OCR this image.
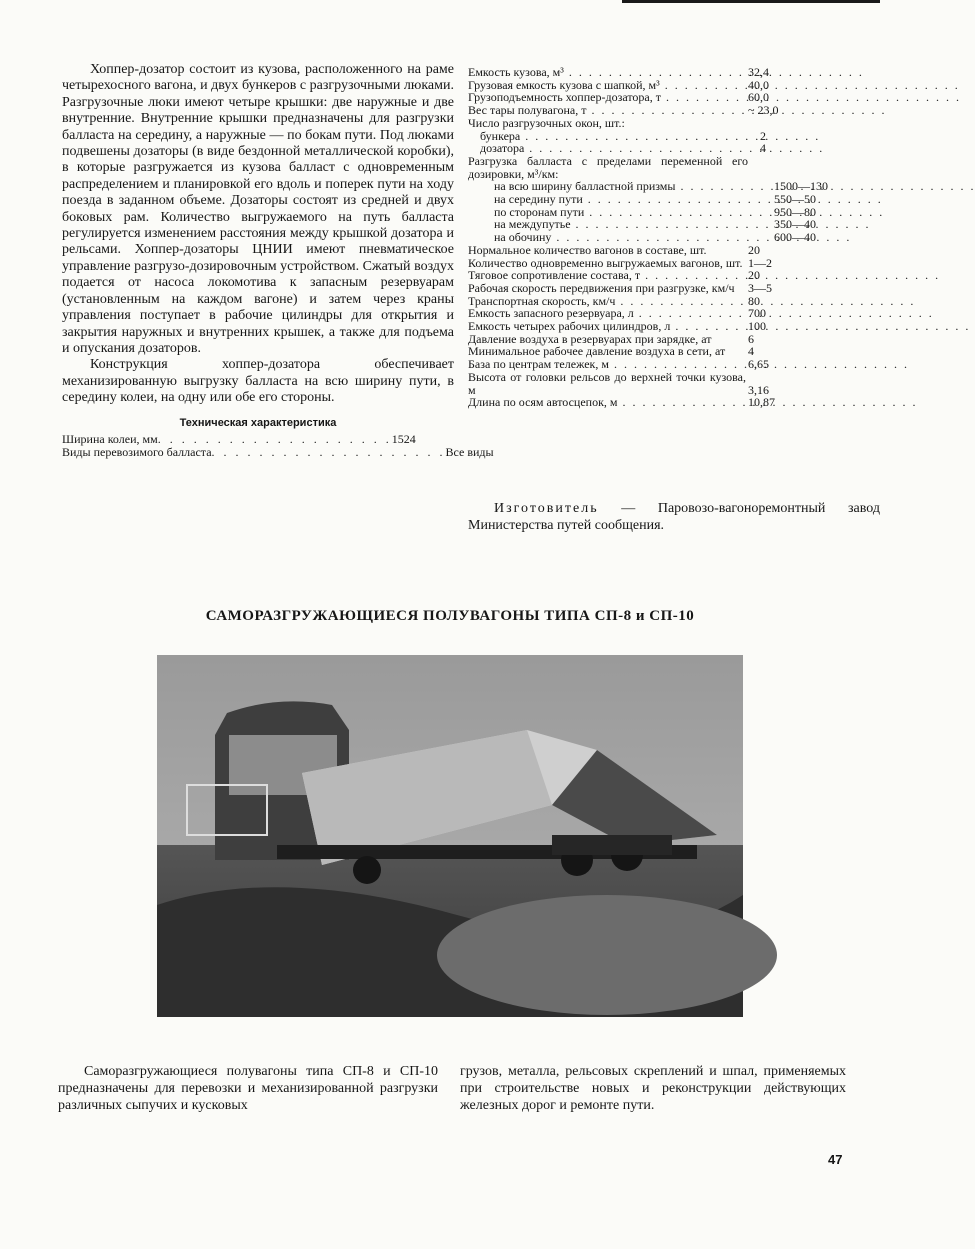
Хоппер-дозатор состоит из кузова, расположенного на раме четырехосного вагона, и двух бункеров с разгрузочными люками. Разгрузочные люки имеют четыре крышки: две наружные и две внутренние. Внутренние крышки предназначены для разгрузки балласта на середину, а наружные — по бокам пути. Под люками подвешены дозаторы (в виде бездонной металлической коробки), в которые разгружается из кузова балласт с одновременным распределением и планировкой его вдоль и поперек пути на ходу поезда в заданном объеме. Дозаторы состоят из средней и двух боковых рам. Количество выгружаемого на путь балласта регулируется изменением расстояния между крышкой дозатора и рельсами. Хоппер-дозаторы ЦНИИ имеют пневматическое управление разгрузо-дозировочным устройством. Сжатый воздух подается от насоса локомотива к запасным резервуарам (установленным на каждом вагоне) и затем через краны управления поступает в рабочие цилиндры для открытия и закрытия наружных и внутренних крышек, а также для подъема и опускания дозаторов.

Конструкция хоппер-дозатора обеспечивает механизированную выгрузку балласта на всю ширину пути, в середину колеи, на одну или обе его стороны.

Техническая характеристика
Ширина колеи, мм . . . . . . . . . . . . . . . . . . . . 1524
Виды перевозимого балласта . . . . . . . . . . . . . . . . . . . . Все виды
Емкость кузова, м³ . . .	32,4
Грузовая емкость кузова с шапкой, м³ . . .	40,0
Грузоподъемность хоппер-дозатора, т . . .	60,0
Вес тары полувагона, т . . .	~ 23,0
Число разгрузочных окон, шт.:
бункера . . .	2
дозатора . . .	4
Разгрузка балласта с пределами переменной его дозировки, м³/км:
на всю ширину балластной призмы . . .	1500—130
на середину пути . . .	550—50
по сторонам пути . . .	950—80
на междупутье . . .	350—40
на обочину . . .	600—40
Нормальное количество вагонов в составе, шт.	20
Количество одновременно выгружаемых вагонов, шт. 1—2
Тяговое сопротивление состава, т . . .	20
Рабочая скорость передвижения при разгрузке, км/ч	3—5
Транспортная скорость, км/ч . . .	80
Емкость запасного резервуара, л . . .	700
Емкость четырех рабочих цилиндров, л . . .	100
Давление воздуха в резервуарах при зарядке, ат	6
Минимальное рабочее давление воздуха в сети, ат	4
База по центрам тележек, м . . .	6,65
Высота от головки рельсов до верхней точки кузова, м	3,16
Длина по осям автосцепок, м . . .	10,87

Изготовитель — Паровозо-вагоноремонтный завод Министерства путей сообщения.

САМОРАЗГРУЖАЮЩИЕСЯ ПОЛУВАГОНЫ ТИПА СП-8 и СП-10

Саморазгружающиеся полувагоны типа СП-8 и СП-10 предназначены для перевозки и механизированной разгрузки различных сыпучих и кусковых

грузов, металла, рельсовых скреплений и шпал, применяемых при строительстве новых и реконструкции действующих железных дорог и ремонте пути.

47
